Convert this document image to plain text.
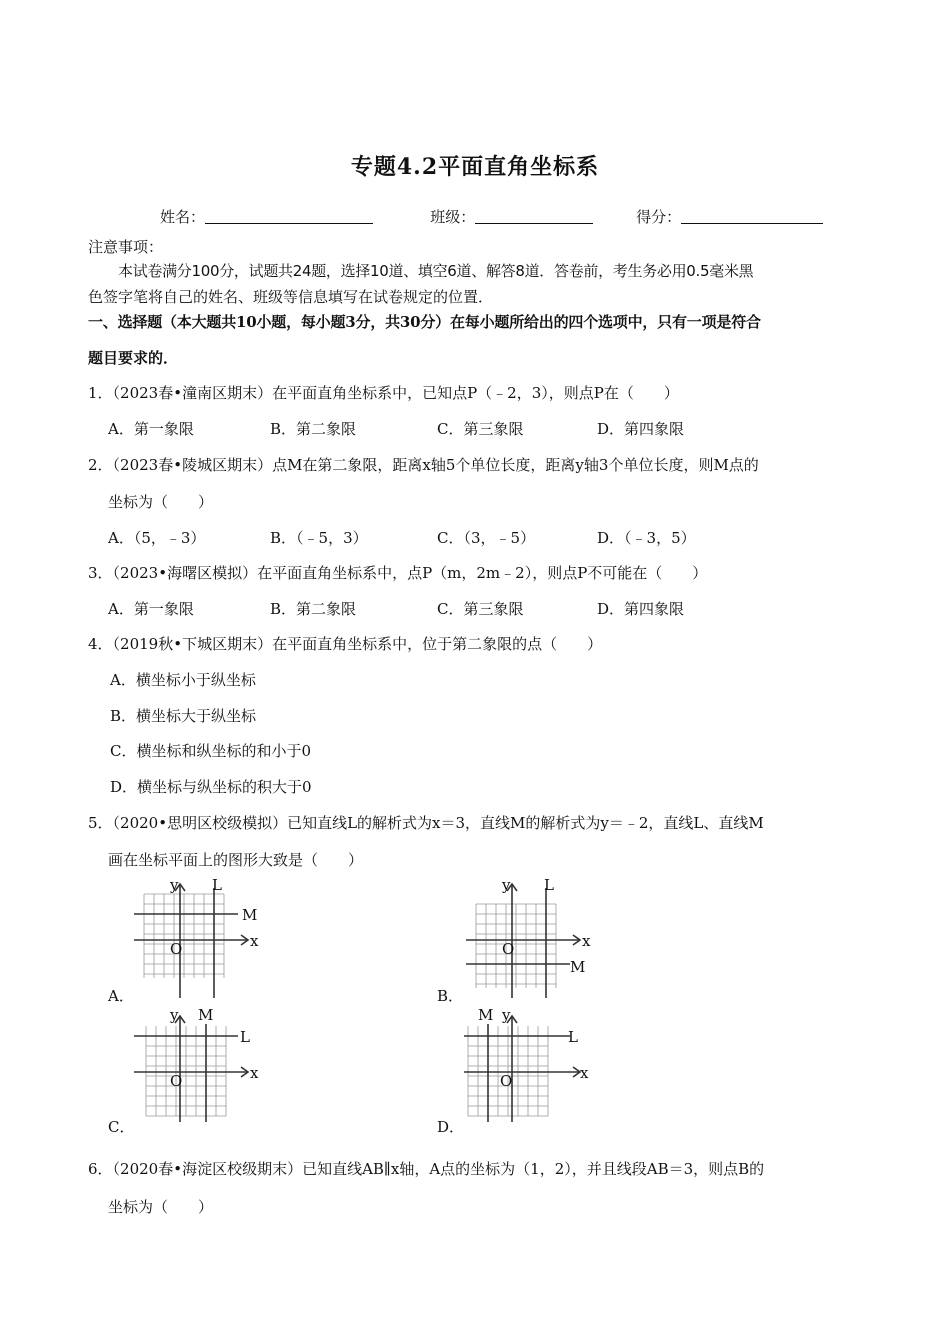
专题4.2平面直角坐标系
姓名：	班级：	得分：
注意事项：
本试卷满分100分，试题共24题，选择10道、填空6道、解答8道．答卷前，考生务必用0.5毫米黑
色签字笔将自己的姓名、班级等信息填写在试卷规定的位置．
一、选择题（本大题共10小题，每小题3分，共30分）在每小题所给出的四个选项中，只有一项是符合
题目要求的．
1．（2023春•潼南区期末）在平面直角坐标系中，已知点P（﹣2，3），则点P在（　　）
A．第一象限	B．第二象限	C．第三象限	D．第四象限
2．（2023春•陵城区期末）点M在第二象限，距离x轴5个单位长度，距离y轴3个单位长度，则M点的
坐标为（　　）
A．（5，﹣3）	B．（﹣5，3）	C．（3，﹣5）	D．（﹣3，5）
3．（2023•海曙区模拟）在平面直角坐标系中，点P（m，2m﹣2），则点P不可能在（　　）
A．第一象限	B．第二象限	C．第三象限	D．第四象限
4．（2019秋•下城区期末）在平面直角坐标系中，位于第二象限的点（　　）
A．横坐标小于纵坐标
B．横坐标大于纵坐标
C．横坐标和纵坐标的和小于0
D．横坐标与纵坐标的积大于0
5．（2020•思明区校级模拟）已知直线L的解析式为x＝3，直线M的解析式为y＝﹣2，直线L、直线M
画在坐标平面上的图形大致是（　　）
A．	B．
C．	D．
y L
M
x
O
y L
x
O
M
y M
L
x
O
M y
L
x
O
6．（2020春•海淀区校级期末）已知直线AB∥x轴，A点的坐标为（1，2），并且线段AB＝3，则点B的
坐标为（　　）
